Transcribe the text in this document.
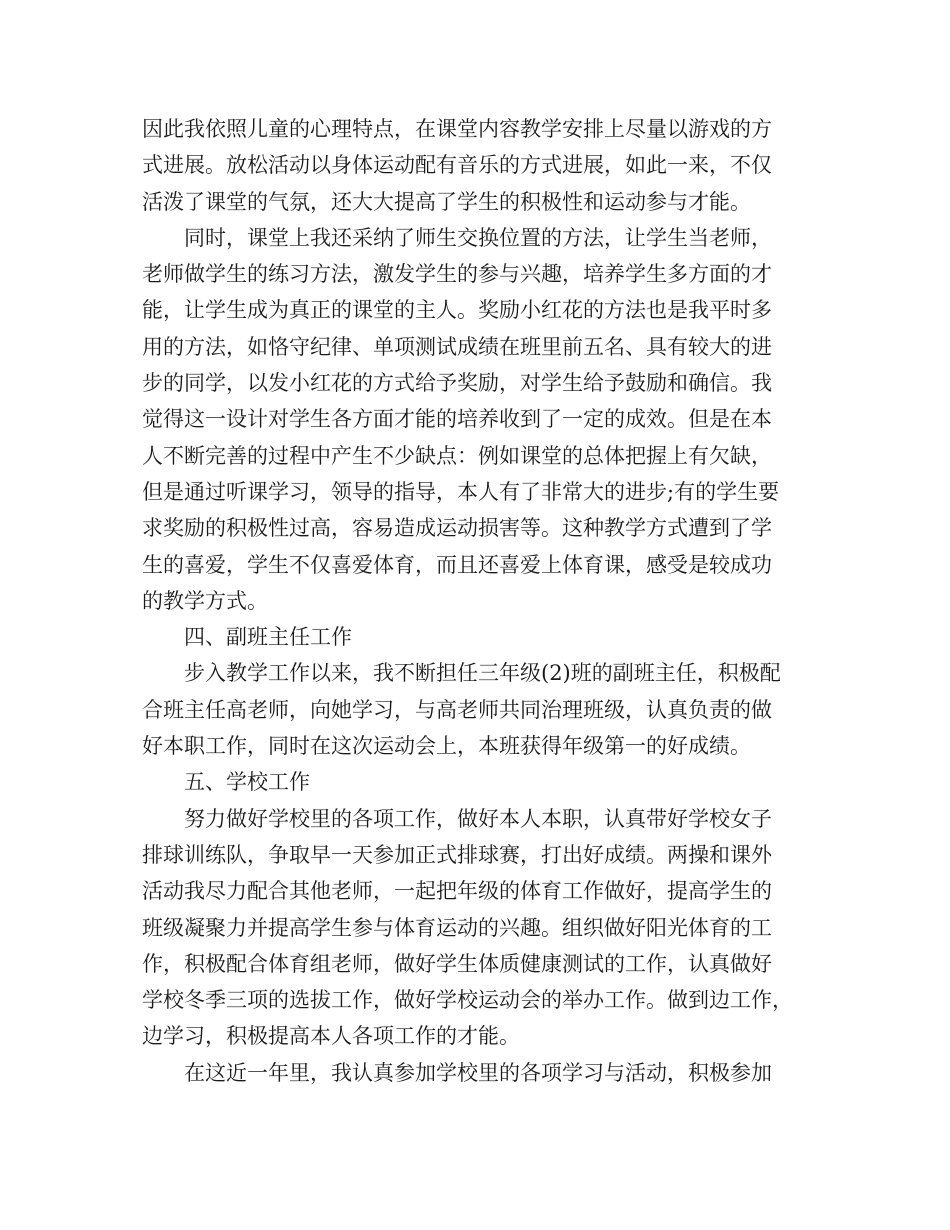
因此我依照儿童的心理特点，在课堂内容教学安排上尽量以游戏的方
式进展。放松活动以身体运动配有音乐的方式进展，如此一来，不仅
活泼了课堂的气氛，还大大提高了学生的积极性和运动参与才能。
同时，课堂上我还采纳了师生交换位置的方法，让学生当老师，
老师做学生的练习方法，激发学生的参与兴趣，培养学生多方面的才
能，让学生成为真正的课堂的主人。奖励小红花的方法也是我平时多
用的方法，如恪守纪律、单项测试成绩在班里前五名、具有较大的进
步的同学，以发小红花的方式给予奖励，对学生给予鼓励和确信。我
觉得这一设计对学生各方面才能的培养收到了一定的成效。但是在本
人不断完善的过程中产生不少缺点：例如课堂的总体把握上有欠缺，
但是通过听课学习，领导的指导，本人有了非常大的进步;有的学生要
求奖励的积极性过高，容易造成运动损害等。这种教学方式遭到了学
生的喜爱，学生不仅喜爱体育，而且还喜爱上体育课，感受是较成功
的教学方式。
四、副班主任工作
步入教学工作以来，我不断担任三年级(2)班的副班主任，积极配
合班主任高老师，向她学习，与高老师共同治理班级，认真负责的做
好本职工作，同时在这次运动会上，本班获得年级第一的好成绩。
五、学校工作
努力做好学校里的各项工作，做好本人本职，认真带好学校女子
排球训练队，争取早一天参加正式排球赛，打出好成绩。两操和课外
活动我尽力配合其他老师，一起把年级的体育工作做好，提高学生的
班级凝聚力并提高学生参与体育运动的兴趣。组织做好阳光体育的工
作，积极配合体育组老师，做好学生体质健康测试的工作，认真做好
学校冬季三项的选拔工作，做好学校运动会的举办工作。做到边工作，
边学习，积极提高本人各项工作的才能。
在这近一年里，我认真参加学校里的各项学习与活动，积极参加
